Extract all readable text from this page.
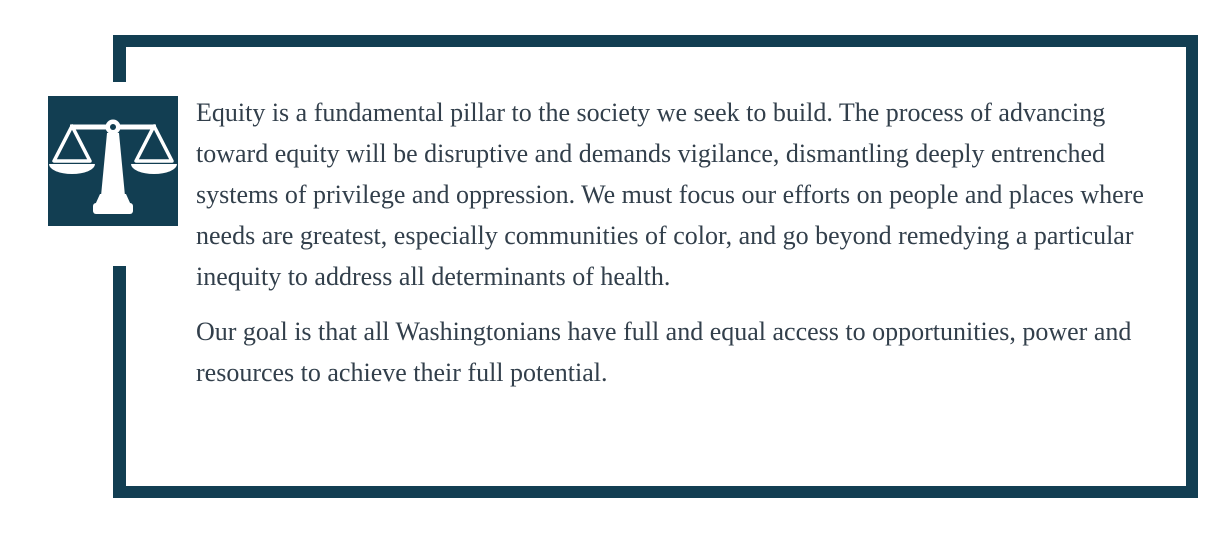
Equity is a fundamental pillar to the society we seek to build. The process of advancing toward equity will be disruptive and demands vigilance, dismantling deeply entrenched systems of privilege and oppression. We must focus our efforts on people and places where needs are greatest, especially communities of color, and go beyond remedying a particular inequity to address all determinants of health.

Our goal is that all Washingtonians have full and equal access to opportunities, power and resources to achieve their full potential.
